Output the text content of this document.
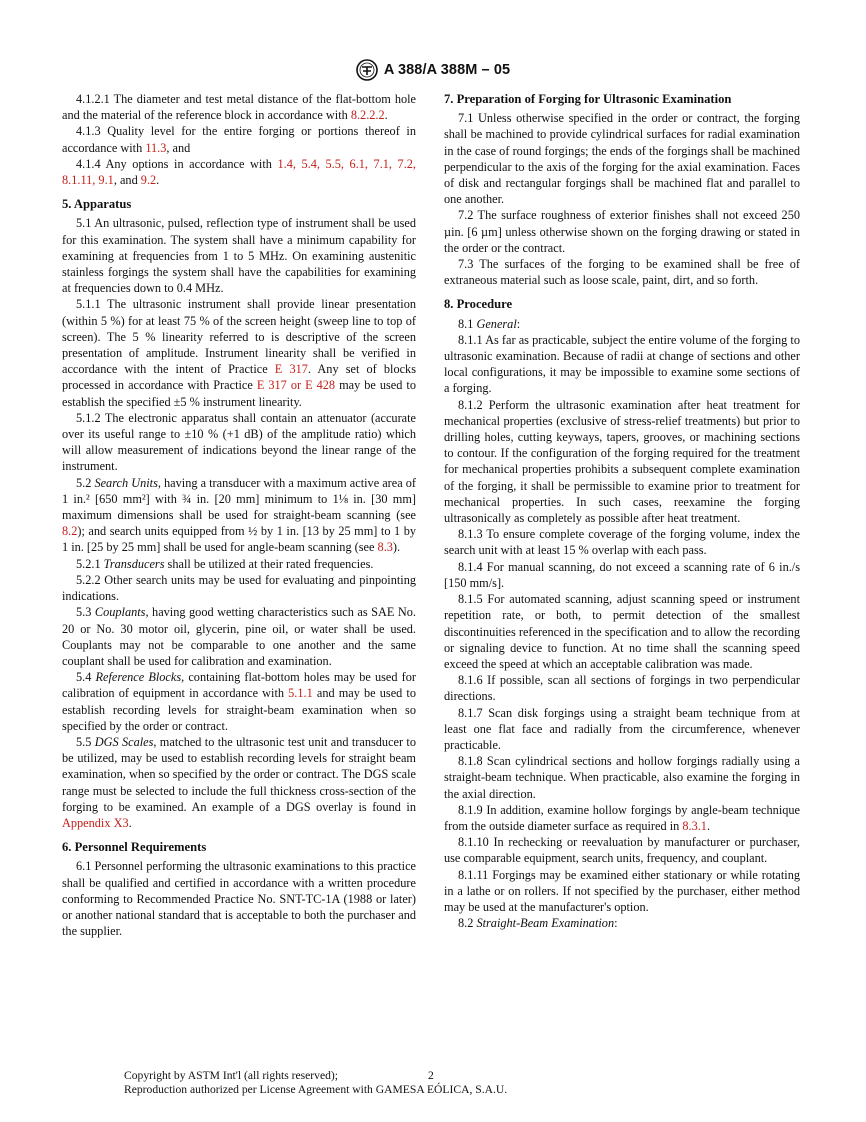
A 388/A 388M – 05

4.1.2.1 The diameter and test metal distance of the flat-bottom hole and the material of the reference block in accordance with 8.2.2.2.

4.1.3 Quality level for the entire forging or portions thereof in accordance with 11.3, and

4.1.4 Any options in accordance with 1.4, 5.4, 5.5, 6.1, 7.1, 7.2, 8.1.11, 9.1, and 9.2.

5. Apparatus

5.1 An ultrasonic, pulsed, reflection type of instrument shall be used for this examination. The system shall have a minimum capability for examining at frequencies from 1 to 5 MHz. On examining austenitic stainless forgings the system shall have the capabilities for examining at frequencies down to 0.4 MHz.

5.1.1 The ultrasonic instrument shall provide linear presentation (within 5 %) for at least 75 % of the screen height (sweep line to top of screen). The 5 % linearity referred to is descriptive of the screen presentation of amplitude. Instrument linearity shall be verified in accordance with the intent of Practice E 317. Any set of blocks processed in accordance with Practice E 317 or E 428 may be used to establish the specified ±5 % instrument linearity.

5.1.2 The electronic apparatus shall contain an attenuator (accurate over its useful range to ±10 % (+1 dB) of the amplitude ratio) which will allow measurement of indications beyond the linear range of the instrument.

5.2 Search Units, having a transducer with a maximum active area of 1 in.² [650 mm²] with ¾ in. [20 mm] minimum to 1⅛ in. [30 mm] maximum dimensions shall be used for straight-beam scanning (see 8.2); and search units equipped from ½ by 1 in. [13 by 25 mm] to 1 by 1 in. [25 by 25 mm] shall be used for angle-beam scanning (see 8.3).

5.2.1 Transducers shall be utilized at their rated frequencies.

5.2.2 Other search units may be used for evaluating and pinpointing indications.

5.3 Couplants, having good wetting characteristics such as SAE No. 20 or No. 30 motor oil, glycerin, pine oil, or water shall be used. Couplants may not be comparable to one another and the same couplant shall be used for calibration and examination.

5.4 Reference Blocks, containing flat-bottom holes may be used for calibration of equipment in accordance with 5.1.1 and may be used to establish recording levels for straight-beam examination when so specified by the order or contract.

5.5 DGS Scales, matched to the ultrasonic test unit and transducer to be utilized, may be used to establish recording levels for straight beam examination, when so specified by the order or contract. The DGS scale range must be selected to include the full thickness cross-section of the forging to be examined. An example of a DGS overlay is found in Appendix X3.

6. Personnel Requirements

6.1 Personnel performing the ultrasonic examinations to this practice shall be qualified and certified in accordance with a written procedure conforming to Recommended Practice No. SNT-TC-1A (1988 or later) or another national standard that is acceptable to both the purchaser and the supplier.

7. Preparation of Forging for Ultrasonic Examination

7.1 Unless otherwise specified in the order or contract, the forging shall be machined to provide cylindrical surfaces for radial examination in the case of round forgings; the ends of the forgings shall be machined perpendicular to the axis of the forging for the axial examination. Faces of disk and rectangular forgings shall be machined flat and parallel to one another.

7.2 The surface roughness of exterior finishes shall not exceed 250 µin. [6 µm] unless otherwise shown on the forging drawing or stated in the order or the contract.

7.3 The surfaces of the forging to be examined shall be free of extraneous material such as loose scale, paint, dirt, and so forth.

8. Procedure

8.1 General:

8.1.1 As far as practicable, subject the entire volume of the forging to ultrasonic examination. Because of radii at change of sections and other local configurations, it may be impossible to examine some sections of a forging.

8.1.2 Perform the ultrasonic examination after heat treatment for mechanical properties (exclusive of stress-relief treatments) but prior to drilling holes, cutting keyways, tapers, grooves, or machining sections to contour. If the configuration of the forging required for the treatment for mechanical properties prohibits a subsequent complete examination of the forging, it shall be permissible to examine prior to treatment for mechanical properties. In such cases, reexamine the forging ultrasonically as completely as possible after heat treatment.

8.1.3 To ensure complete coverage of the forging volume, index the search unit with at least 15 % overlap with each pass.

8.1.4 For manual scanning, do not exceed a scanning rate of 6 in./s [150 mm/s].

8.1.5 For automated scanning, adjust scanning speed or instrument repetition rate, or both, to permit detection of the smallest discontinuities referenced in the specification and to allow the recording or signaling device to function. At no time shall the scanning speed exceed the speed at which an acceptable calibration was made.

8.1.6 If possible, scan all sections of forgings in two perpendicular directions.

8.1.7 Scan disk forgings using a straight beam technique from at least one flat face and radially from the circumference, whenever practicable.

8.1.8 Scan cylindrical sections and hollow forgings radially using a straight-beam technique. When practicable, also examine the forging in the axial direction.

8.1.9 In addition, examine hollow forgings by angle-beam technique from the outside diameter surface as required in 8.3.1.

8.1.10 In rechecking or reevaluation by manufacturer or purchaser, use comparable equipment, search units, frequency, and couplant.

8.1.11 Forgings may be examined either stationary or while rotating in a lathe or on rollers. If not specified by the purchaser, either method may be used at the manufacturer's option.

8.2 Straight-Beam Examination:

Copyright by ASTM Int'l (all rights reserved);	2
Reproduction authorized per License Agreement with GAMESA EÓLICA, S.A.U.
